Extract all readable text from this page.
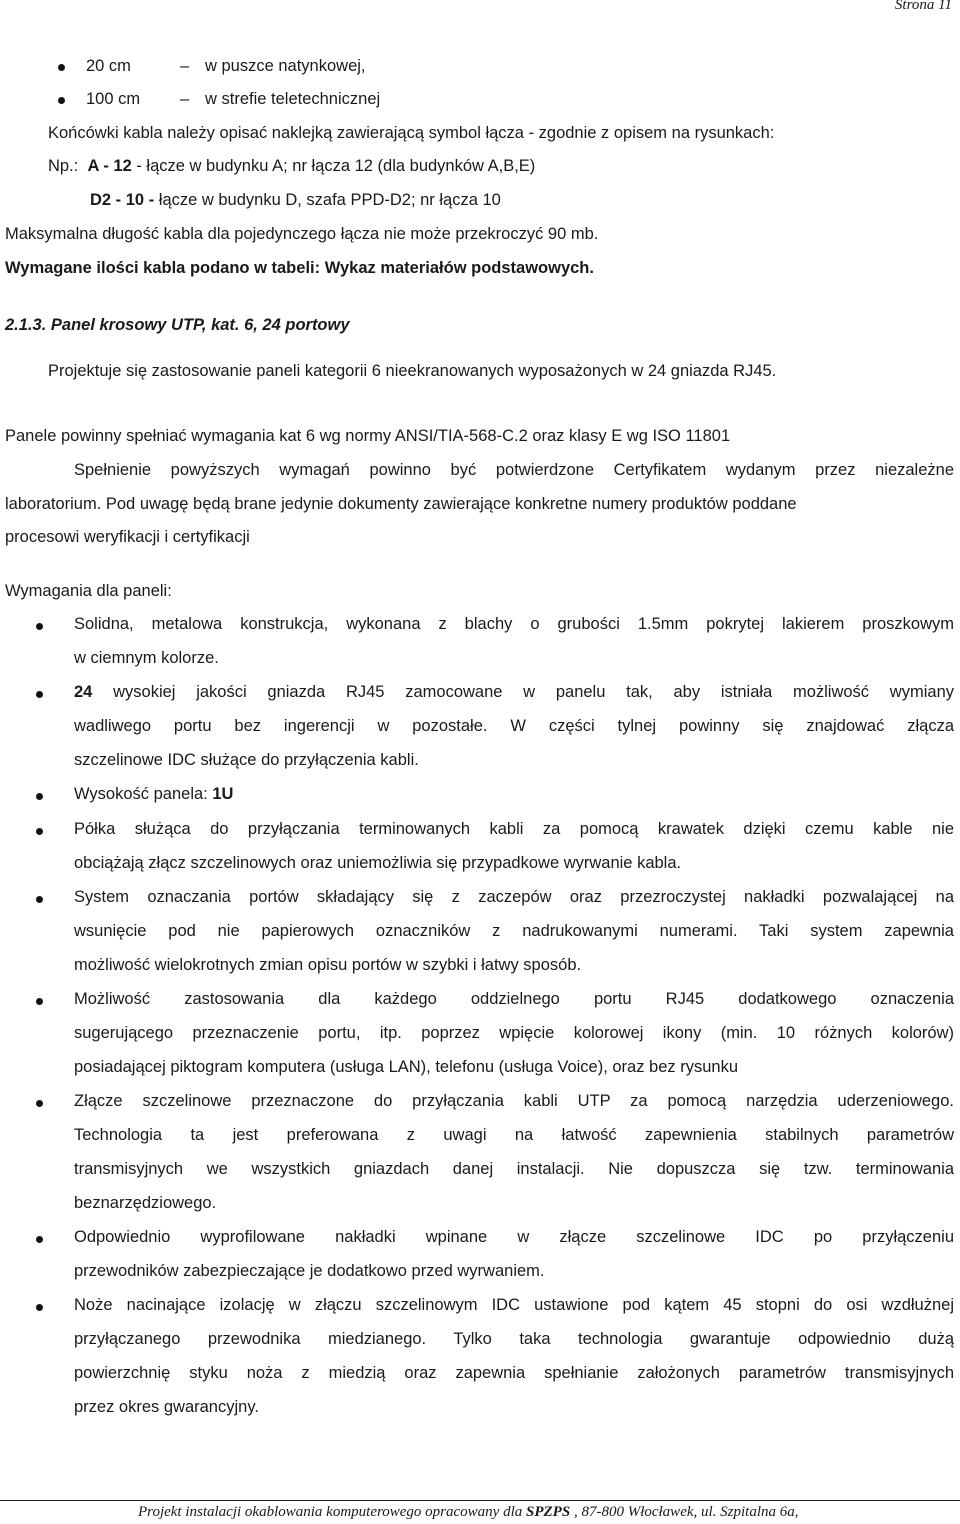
Strona 11
20 cm	– w puszce natynkowej,
100 cm – w strefie teletechnicznej
Końcówki kabla należy opisać naklejką zawierającą symbol łącza - zgodnie z opisem na rysunkach:
Np.: A - 12 - łącze w budynku A; nr łącza 12 (dla budynków A,B,E)
D2 - 10 - łącze w budynku D, szafa PPD-D2; nr łącza 10
Maksymalna długość kabla dla pojedynczego łącza nie może przekroczyć 90 mb.
Wymagane ilości kabla podano w tabeli: Wykaz materiałów podstawowych.
2.1.3. Panel krosowy UTP, kat. 6, 24 portowy
Projektuje się zastosowanie paneli kategorii 6 nieekranowanych wyposażonych w 24 gniazda RJ45.
Panele powinny spełniać wymagania kat 6 wg normy ANSI/TIA-568-C.2 oraz klasy E wg ISO 11801
Spełnienie powyższych wymagań powinno być potwierdzone Certyfikatem wydanym przez niezależne
laboratorium. Pod uwagę będą brane jedynie dokumenty zawierające konkretne numery produktów poddane
procesowi weryfikacji i certyfikacji
Wymagania dla paneli:
Solidna, metalowa konstrukcja, wykonana z blachy o grubości 1.5mm pokrytej lakierem proszkowym
w ciemnym kolorze.
24 wysokiej jakości gniazda RJ45 zamocowane w panelu tak, aby istniała możliwość wymiany
wadliwego portu bez ingerencji w pozostałe. W części tylnej powinny się znajdować złącza
szczelinowe IDC służące do przyłączenia kabli.
Wysokość panela: 1U
Półka służąca do przyłączania terminowanych kabli za pomocą krawatek dzięki czemu kable nie
obciążają złącz szczelinowych oraz uniemożliwia się przypadkowe wyrwanie kabla.
System oznaczania portów składający się z zaczepów oraz przezroczystej nakładki pozwalającej na
wsunięcie pod nie papierowych oznaczników z nadrukowanymi numerami. Taki system zapewnia
możliwość wielokrotnych zmian opisu portów w szybki i łatwy sposób.
Możliwość zastosowania dla każdego oddzielnego portu RJ45 dodatkowego oznaczenia
sugerującego przeznaczenie portu, itp. poprzez wpięcie kolorowej ikony (min. 10 różnych kolorów)
posiadającej piktogram komputera (usługa LAN), telefonu (usługa Voice), oraz bez rysunku
Złącze szczelinowe przeznaczone do przyłączania kabli UTP za pomocą narzędzia uderzeniowego.
Technologia ta jest preferowana z uwagi na łatwość zapewnienia stabilnych parametrów
transmisyjnych we wszystkich gniazdach danej instalacji. Nie dopuszcza się tzw. terminowania
beznarzędziowego.
Odpowiednio wyprofilowane nakładki wpinane w złącze szczelinowe IDC po przyłączeniu
przewodników zabezpieczające je dodatkowo przed wyrwaniem.
Noże nacinające izolację w złączu szczelinowym IDC ustawione pod kątem 45 stopni do osi wzdłużnej
przyłączanego przewodnika miedzianego. Tylko taka technologia gwarantuje odpowiednio dużą
powierzchnię styku noża z miedzią oraz zapewnia spełnianie założonych parametrów transmisyjnych
przez okres gwarancyjny.
Projekt instalacji okablowania komputerowego opracowany dla SPZPS , 87-800 Włocławek, ul. Szpitalna 6a,
